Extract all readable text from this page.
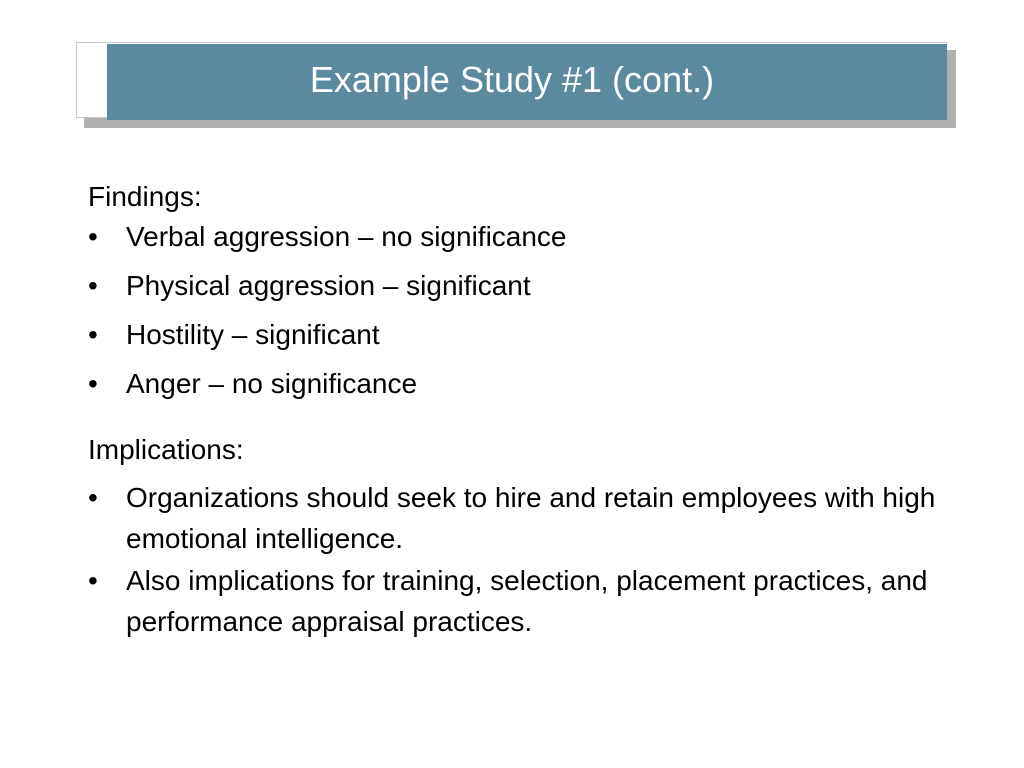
Example Study #1 (cont.)

Findings:

•	Verbal aggression – no significance
•	Physical aggression – significant
•	Hostility – significant
•	Anger – no significance

Implications:

•	Organizations should seek to hire and retain employees with high emotional intelligence.
•	Also implications for training, selection, placement practices, and performance appraisal practices.
